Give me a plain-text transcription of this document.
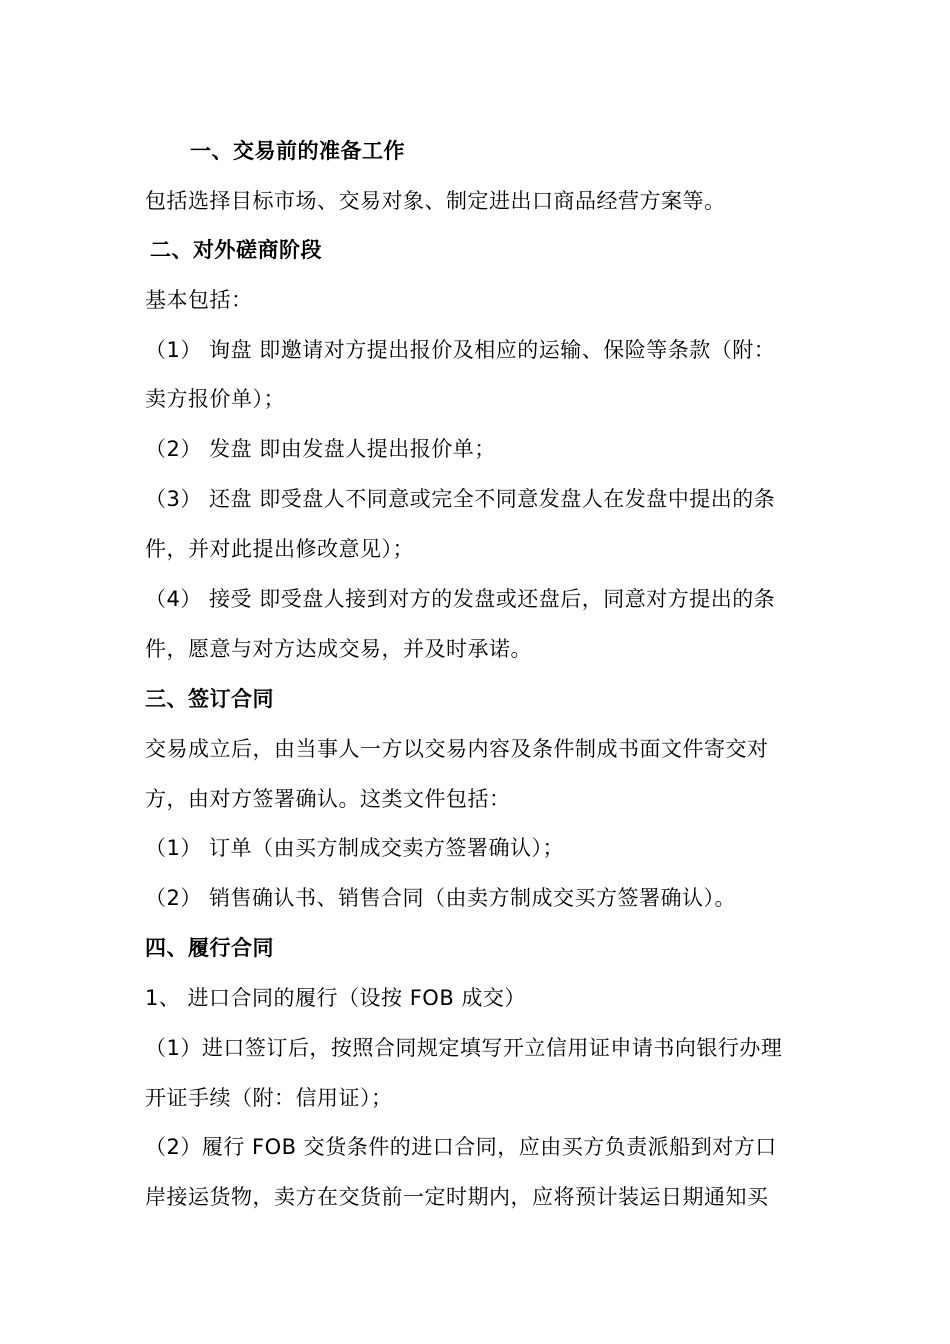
一、交易前的准备工作
包括选择目标市场、交易对象、制定进出口商品经营方案等。
二、对外磋商阶段
基本包括：
（1） 询盘 即邀请对方提出报价及相应的运输、保险等条款（附：
卖方报价单）；
（2） 发盘 即由发盘人提出报价单；
（3） 还盘 即受盘人不同意或完全不同意发盘人在发盘中提出的条
件，并对此提出修改意见）；
（4） 接受 即受盘人接到对方的发盘或还盘后，同意对方提出的条
件，愿意与对方达成交易，并及时承诺。
三、签订合同
交易成立后，由当事人一方以交易内容及条件制成书面文件寄交对
方，由对方签署确认。这类文件包括：
（1） 订单（由买方制成交卖方签署确认）；
（2） 销售确认书、销售合同（由卖方制成交买方签署确认）。
四、履行合同
1、 进口合同的履行（设按 FOB 成交）
（1）进口签订后，按照合同规定填写开立信用证申请书向银行办理
开证手续（附：信用证）；
（2）履行 FOB 交货条件的进口合同，应由买方负责派船到对方口
岸接运货物，卖方在交货前一定时期内，应将预计装运日期通知买
